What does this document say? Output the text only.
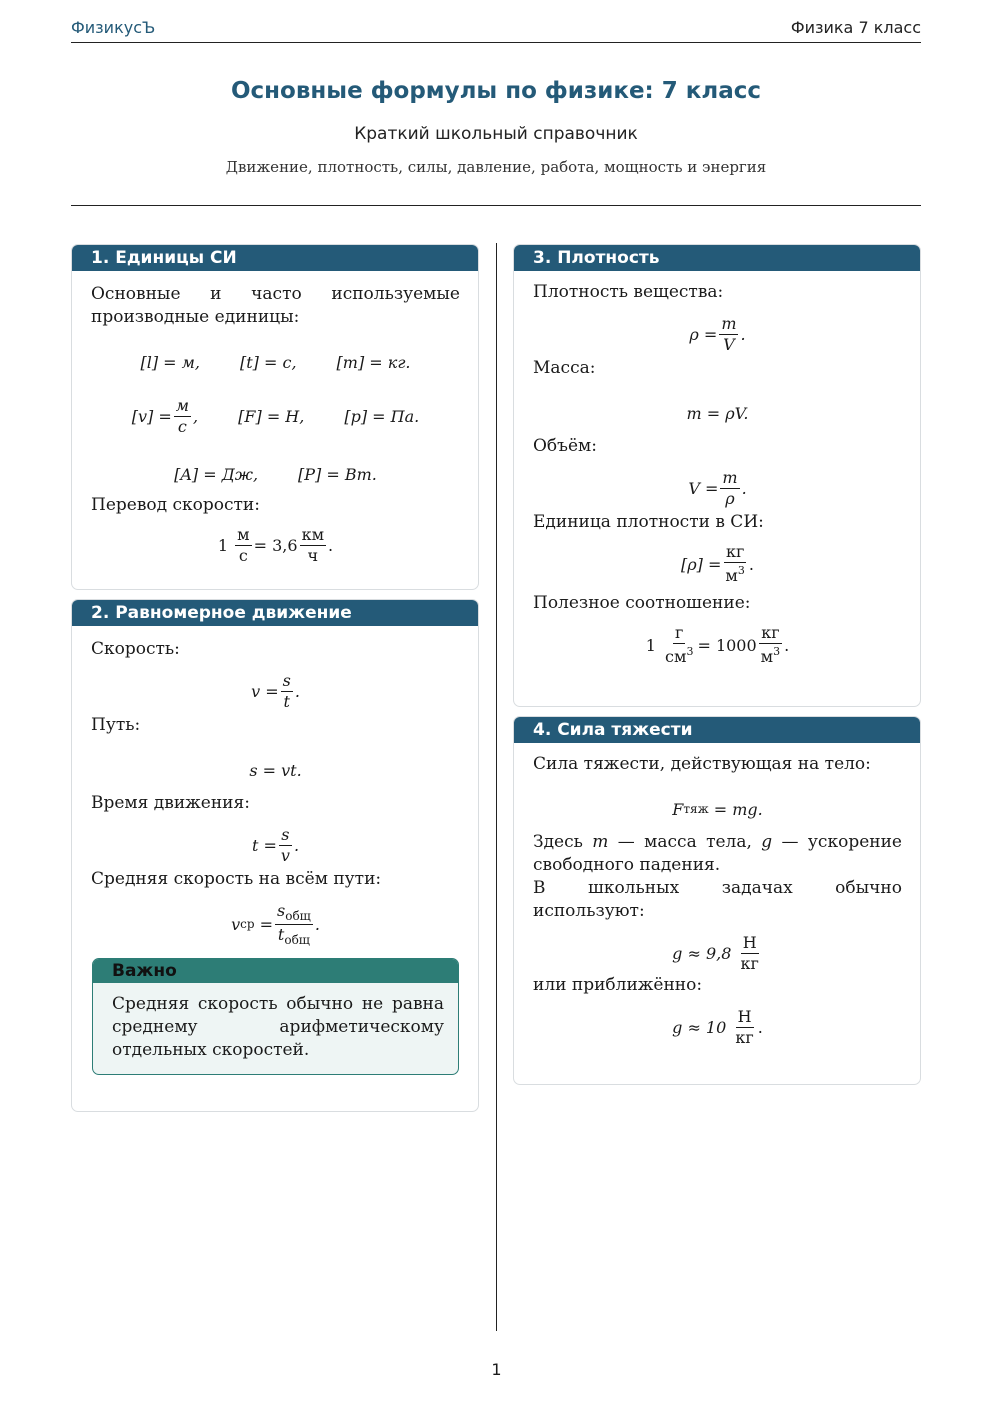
ФизикусЪ	Физика 7 класс
Основные формулы по физике: 7 класс
Краткий школьный справочник
Движение, плотность, силы, давление, работа, мощность и энергия
1. Единицы СИ

Основные и часто используемые производные единицы:

[l] = м,	[t] = с,	[m] = кг.
$[v] = \frac{м}{с}$ ,	[F] = Н,	[p] = Па.
[A] = Дж,	[P] = Вт.

Перевод скорости:

1
$\frac{м}{с} = 3,6 \frac{км}{ч}$ .
2. Равномерное движение

Скорость:

$v = \frac{s}{t}$ .

Путь:

s = vt.

Время движения:

$t = \frac{s}{v}$ .

Средняя скорость на всём пути:

v ср
= $\frac{s_{общ}}{t_{общ}}$ .
Важно
Средняя скорость обычно не равна среднему арифметическому отдельных скоростей.
3. Плотность

Плотность вещества:

$\rho = \frac{m}{V}$ .

Масса:

m = ρV.

Объём:

$V = \frac{m}{\rho}$ .

Единица плотности в СИ:

$[\rho] = \frac{кг}{м^3}$ .

Полезное соотношение:

1
$\frac{г}{см^3} = 1000 \frac{кг}{м^3}$ .
4. Сила тяжести

Сила тяжести, действующая на тело:

F тяж
= mg.

Здесь m — масса тела, g — ускорение свободного падения.

В школьных задачах обычно используют:

g ≈ 9,8
$\frac{Н}{кг}$

или приближённо:

g ≈ 10
$\frac{Н}{кг}$ .
1
